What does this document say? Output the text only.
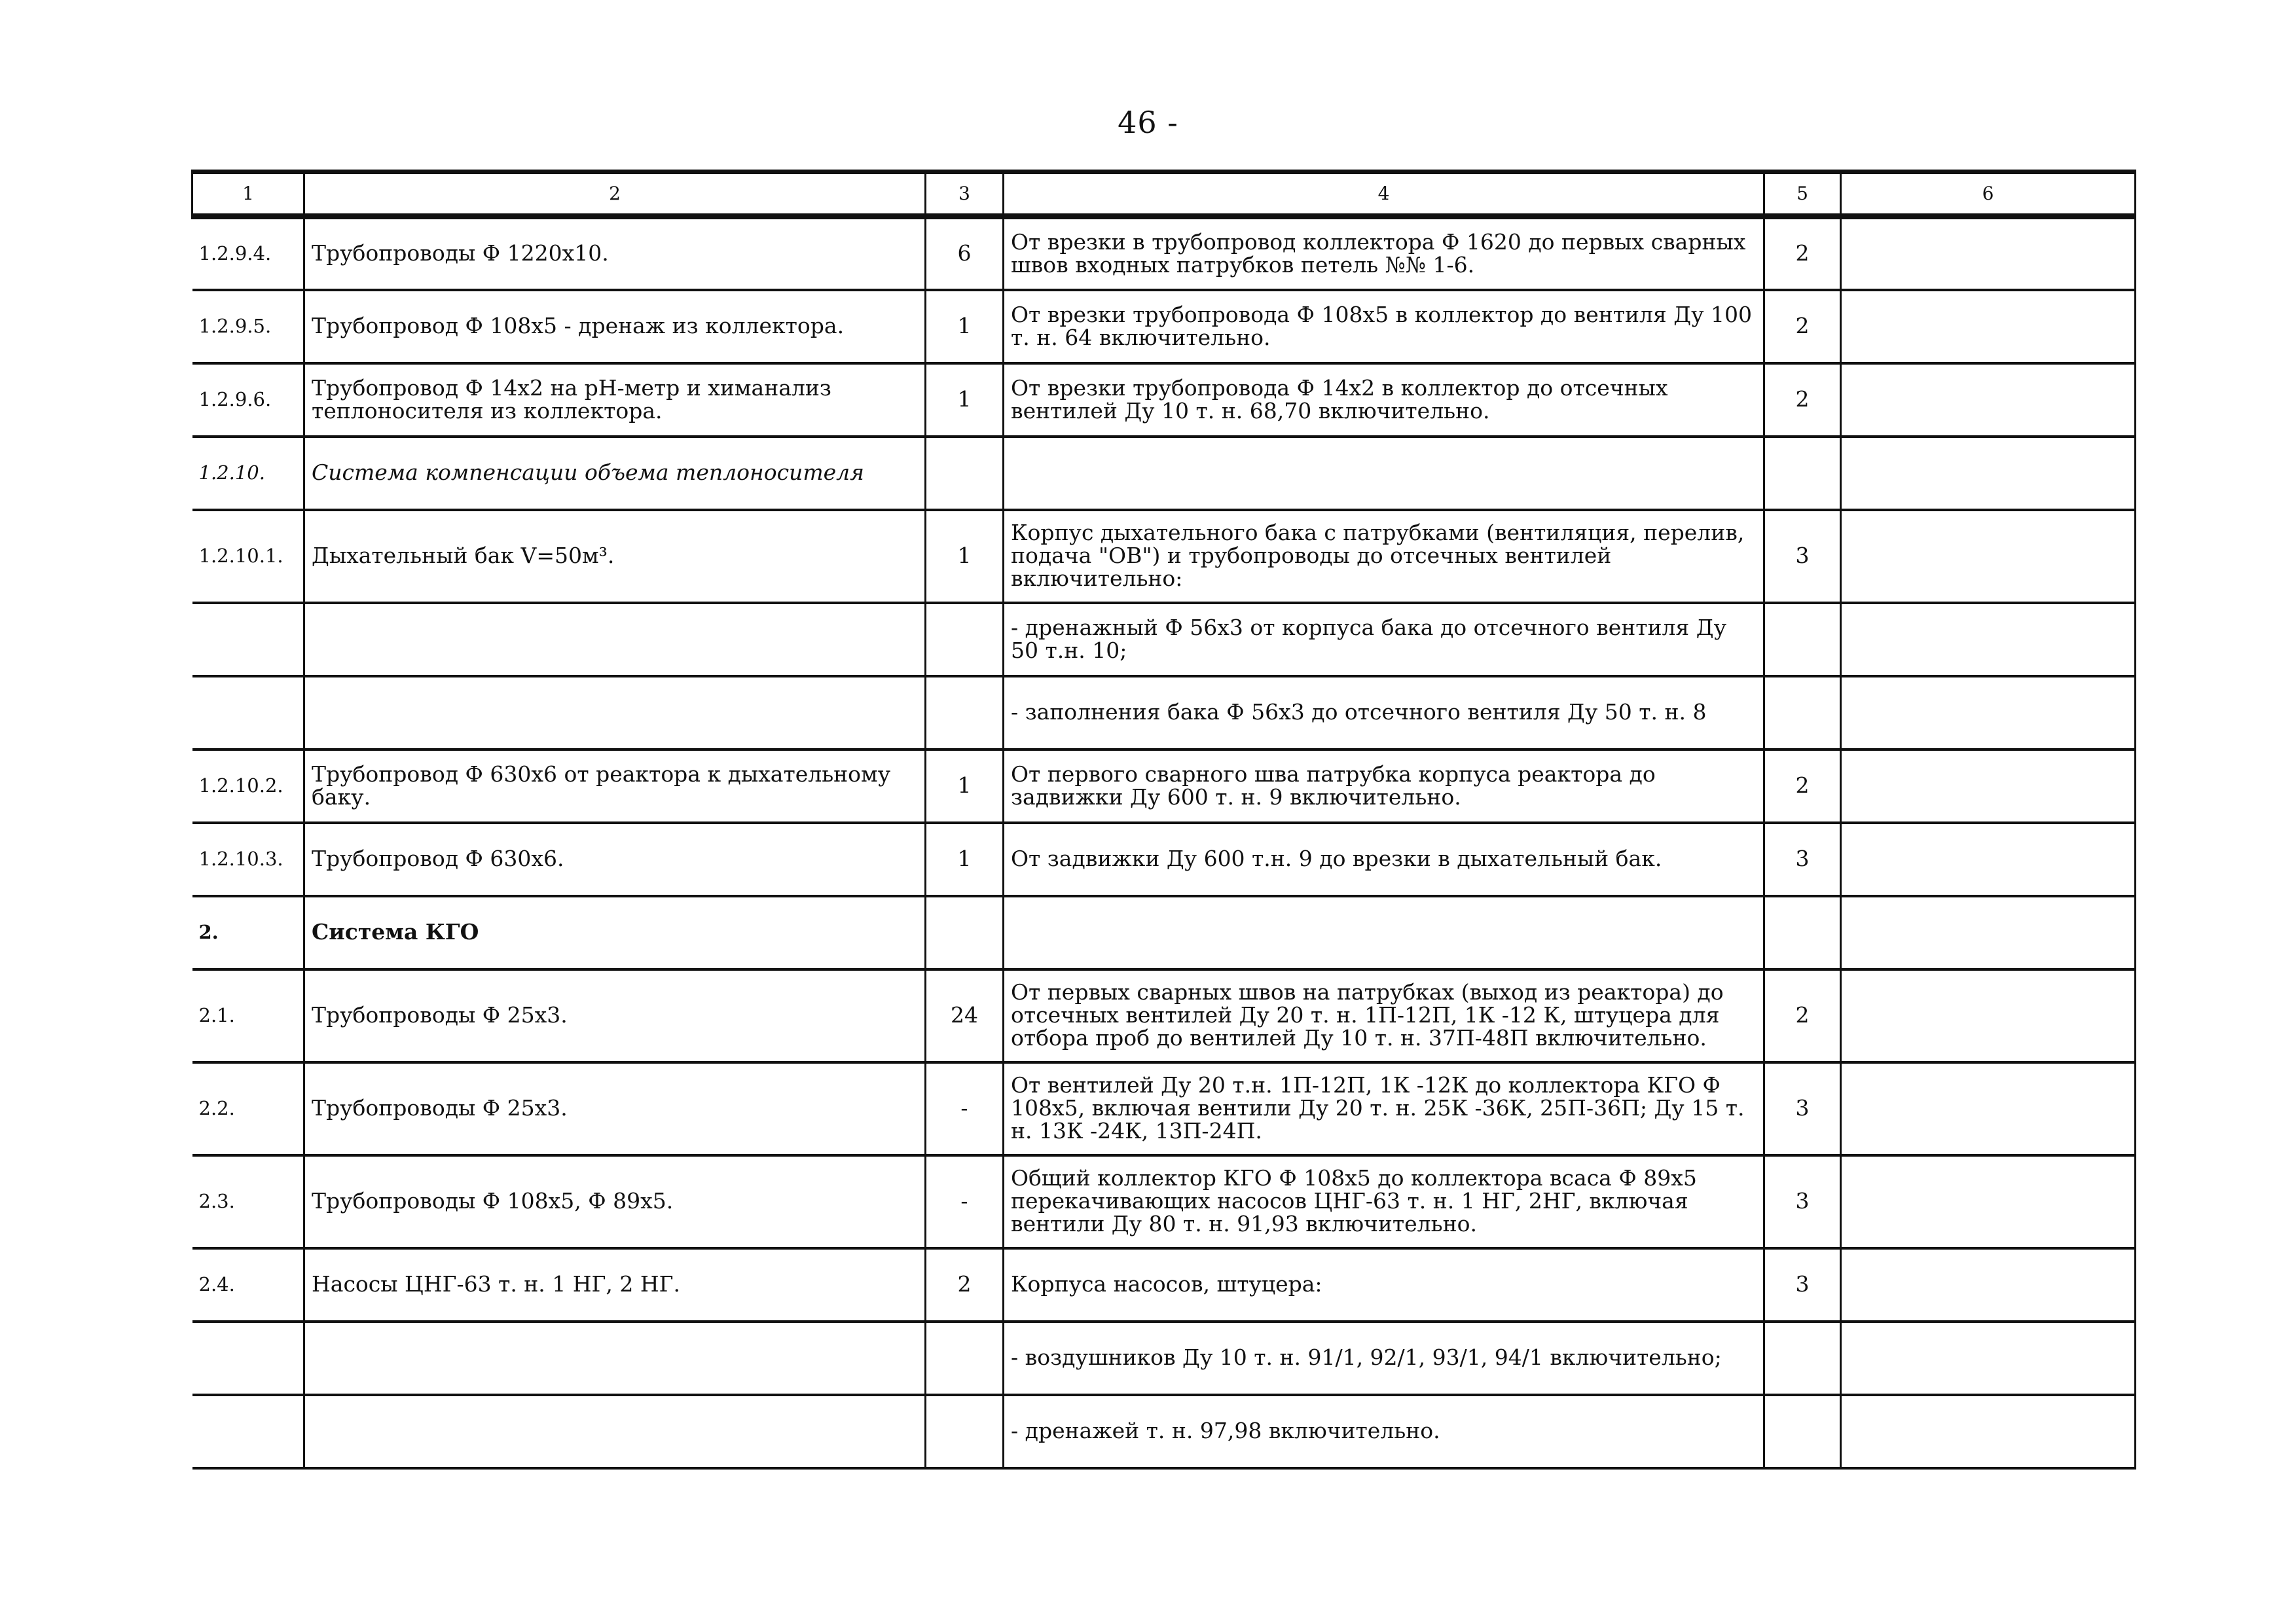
46 -
1	2	3	4	5	6
1.2.9.4.	Трубопроводы Ф 1220х10.	6	От врезки в трубопровод коллектора Ф 1620 до первых сварных швов входных патрубков петель №№ 1-6.	2	
1.2.9.5.	Трубопровод Ф 108х5 - дренаж из коллектора.	1	От врезки трубопровода Ф 108х5 в коллектор до вентиля Ду 100 т. н. 64 включительно.	2	
1.2.9.6.	Трубопровод Ф 14х2 на рН-метр и химанализ теплоносителя из коллектора.	1	От врезки трубопровода Ф 14х2 в коллектор до отсечных вентилей Ду 10 т. н. 68,70 включительно.	2	
1.2.10.	Система компенсации объема теплоносителя				
1.2.10.1.	Дыхательный бак V=50м³.	1	Корпус дыхательного бака с патрубками (вентиляция, перелив, подача "ОВ") и трубопроводы до отсечных вентилей включительно:	3	
			- дренажный Ф 56х3 от корпуса бака до отсечного вентиля Ду 50 т.н. 10;		
			- заполнения бака Ф 56х3 до отсечного вентиля Ду 50 т. н. 8		
1.2.10.2.	Трубопровод Ф 630х6 от реактора к дыхательному баку.	1	От первого сварного шва патрубка корпуса реактора до задвижки Ду 600 т. н. 9 включительно.	2	
1.2.10.3.	Трубопровод Ф 630х6.	1	От задвижки Ду 600 т.н. 9 до врезки в дыхательный бак.	3	
2.	Система КГО				
2.1.	Трубопроводы Ф 25х3.	24	От первых сварных швов на патрубках (выход из реактора) до отсечных вентилей Ду 20 т. н. 1П-12П, 1К -12 К, штуцера для отбора проб до вентилей Ду 10 т. н. 37П-48П включительно.	2	
2.2.	Трубопроводы Ф 25х3.	-	От вентилей Ду 20 т.н. 1П-12П, 1К -12К до коллектора КГО Ф 108х5, включая вентили Ду 20 т. н. 25К -36К, 25П-36П; Ду 15 т. н. 13К -24К, 13П-24П.	3	
2.3.	Трубопроводы Ф 108х5, Ф 89х5.	-	Общий коллектор КГО Ф 108х5 до коллектора всаса Ф 89х5 перекачивающих насосов ЦНГ-63 т. н. 1 НГ, 2НГ, включая вентили Ду 80 т. н. 91,93 включительно.	3	
2.4.	Насосы ЦНГ-63 т. н. 1 НГ, 2 НГ.	2	Корпуса насосов, штуцера:	3	
			- воздушников Ду 10 т. н. 91/1, 92/1, 93/1, 94/1 включительно;		
			- дренажей т. н. 97,98 включительно.		
